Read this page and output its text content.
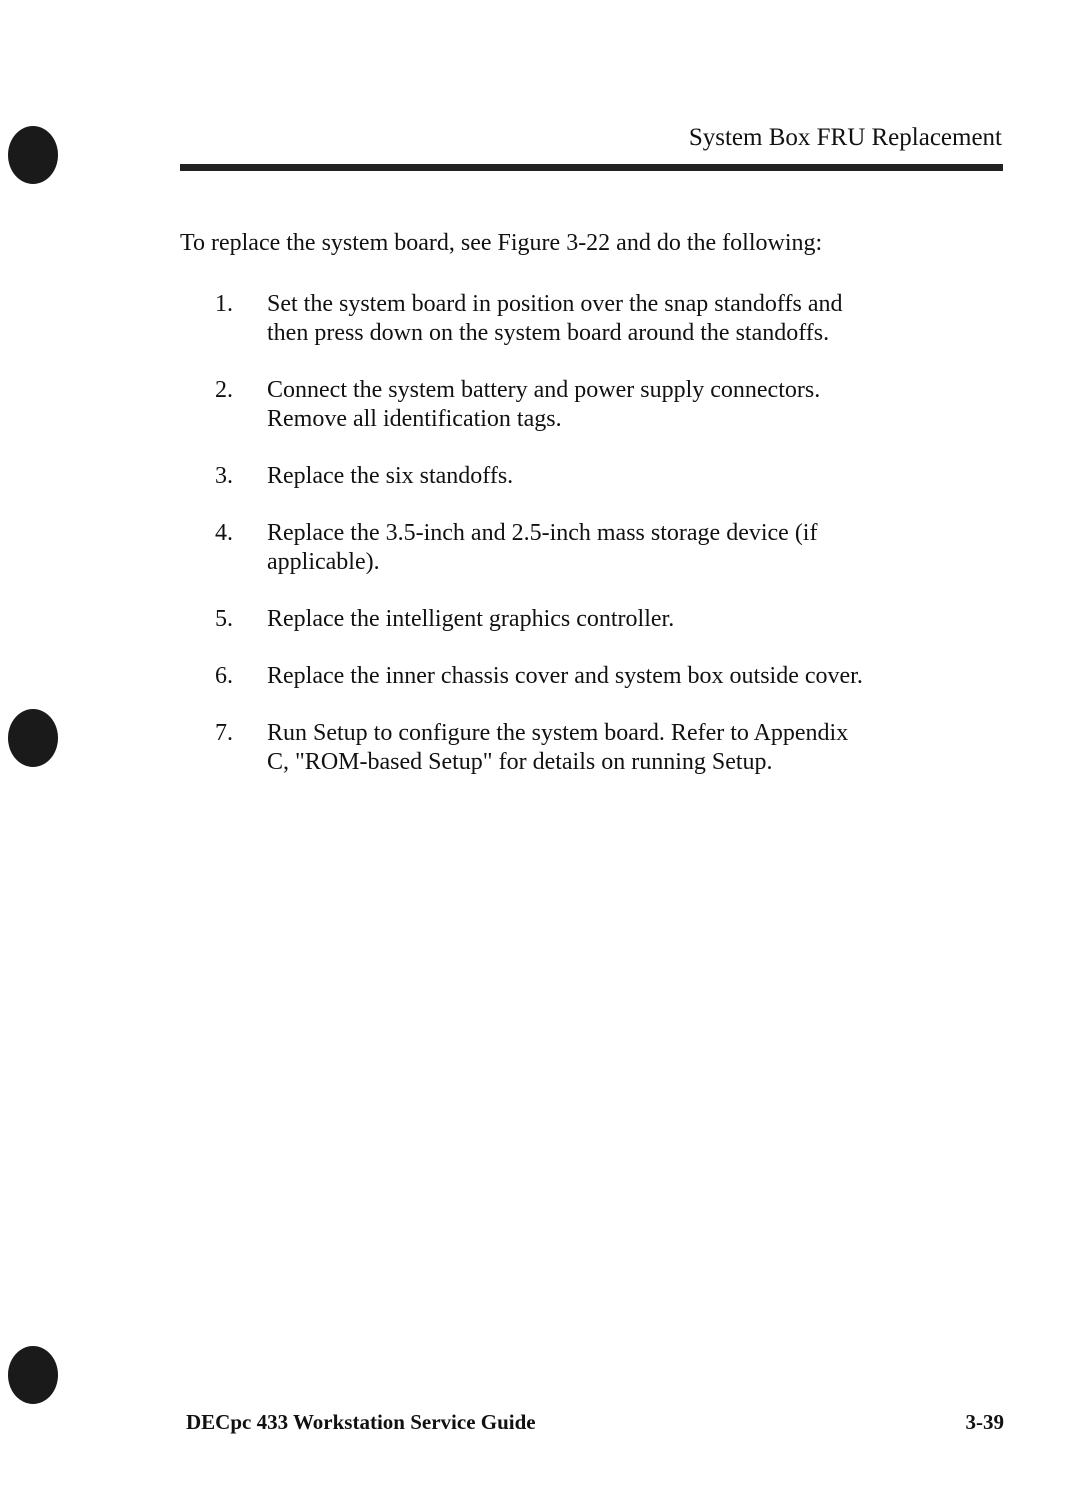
System Box FRU Replacement

To replace the system board, see Figure 3-22 and do the following:

1.	Set the system board in position over the snap standoffs and then press down on the system board around the standoffs.
2.	Connect the system battery and power supply connectors. Remove all identification tags.
3.	Replace the six standoffs.
4.	Replace the 3.5-inch and 2.5-inch mass storage device (if applicable).
5.	Replace the intelligent graphics controller.
6.	Replace the inner chassis cover and system box outside cover.
7.	Run Setup to configure the system board. Refer to Appendix C, "ROM-based Setup" for details on running Setup.
DECpc 433 Workstation Service Guide	3-39
